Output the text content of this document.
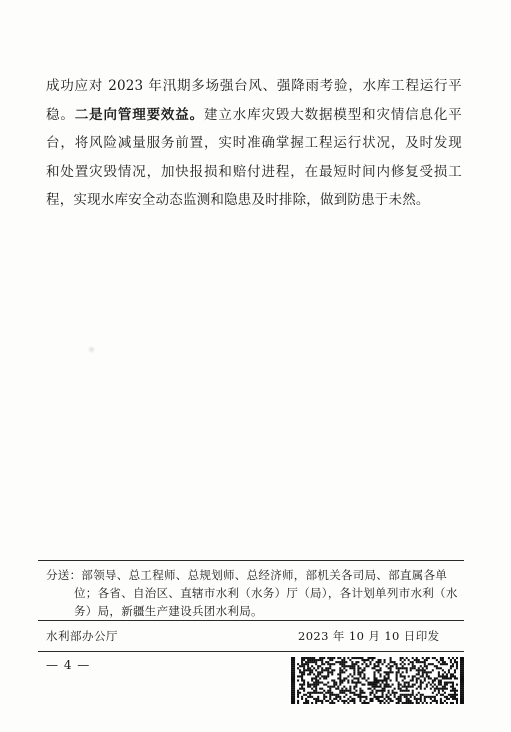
成功应对 2023 年汛期多场强台风、强降雨考验，水库工程运行平
稳。二是向管理要效益。建立水库灾毁大数据模型和灾情信息化平
台，将风险减量服务前置，实时准确掌握工程运行状况，及时发现
和处置灾毁情况，加快报损和赔付进程，在最短时间内修复受损工
程，实现水库安全动态监测和隐患及时排除，做到防患于未然。
分送：部领导、总工程师、总规划师、总经济师，部机关各司局、部直属各单
位；各省、自治区、直辖市水利（水务）厅（局），各计划单列市水利（水
务）局，新疆生产建设兵团水利局。
水利部办公厅	2023 年 10 月 10 日印发
— 4 —
